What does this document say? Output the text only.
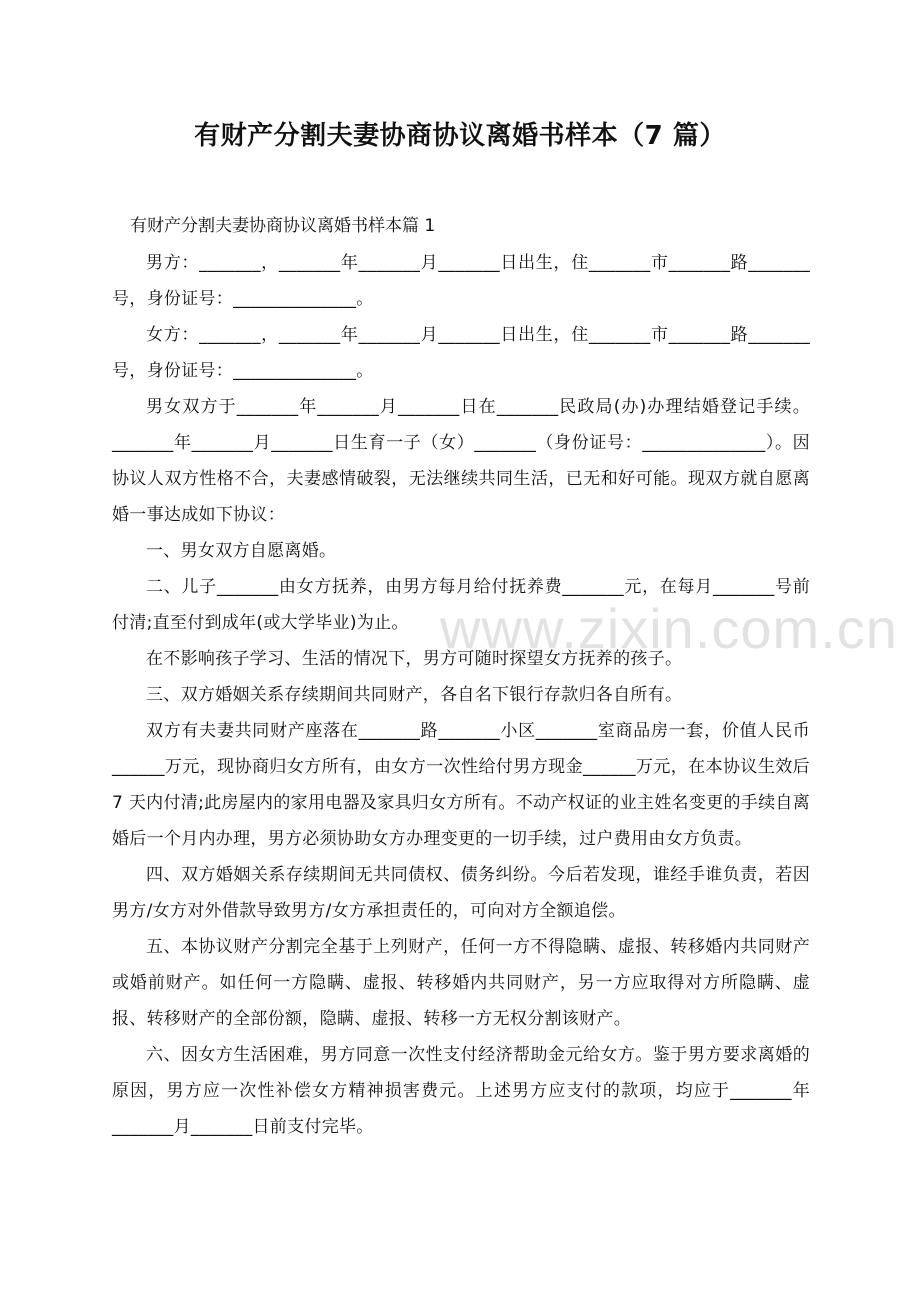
有财产分割夫妻协商协议离婚书样本（7 篇）
有财产分割夫妻协商协议离婚书样本篇 1

男方：_______，_______年_______月_______日出生，住_______市_______路_______号，身份证号：______________。

女方：_______，_______年_______月_______日出生，住_______市_______路_______号，身份证号：______________。

男女双方于_______年_______月_______日在_______民政局(办)办理结婚登记手续。_______年_______月_______日生育一子（女）_______（身份证号：______________）。因协议人双方性格不合，夫妻感情破裂，无法继续共同生活，已无和好可能。现双方就自愿离婚一事达成如下协议：

一、男女双方自愿离婚。

二、儿子_______由女方抚养，由男方每月给付抚养费_______元，在每月_______号前付清;直至付到成年(或大学毕业)为止。

在不影响孩子学习、生活的情况下，男方可随时探望女方抚养的孩子。

三、双方婚姻关系存续期间共同财产，各自名下银行存款归各自所有。

双方有夫妻共同财产座落在_______路_______小区_______室商品房一套，价值人民币______万元，现协商归女方所有，由女方一次性给付男方现金______万元，在本协议生效后 7 天内付清;此房屋内的家用电器及家具归女方所有。不动产权证的业主姓名变更的手续自离婚后一个月内办理，男方必须协助女方办理变更的一切手续，过户费用由女方负责。

四、双方婚姻关系存续期间无共同债权、债务纠纷。今后若发现，谁经手谁负责，若因男方/女方对外借款导致男方/女方承担责任的，可向对方全额追偿。

五、本协议财产分割完全基于上列财产，任何一方不得隐瞒、虚报、转移婚内共同财产或婚前财产。如任何一方隐瞒、虚报、转移婚内共同财产，另一方应取得对方所隐瞒、虚报、转移财产的全部份额，隐瞒、虚报、转移一方无权分割该财产。

六、因女方生活困难，男方同意一次性支付经济帮助金元给女方。鉴于男方要求离婚的原因，男方应一次性补偿女方精神损害费元。上述男方应支付的款项，均应于_______年_______月_______日前支付完毕。

www.zixin.com.cn
